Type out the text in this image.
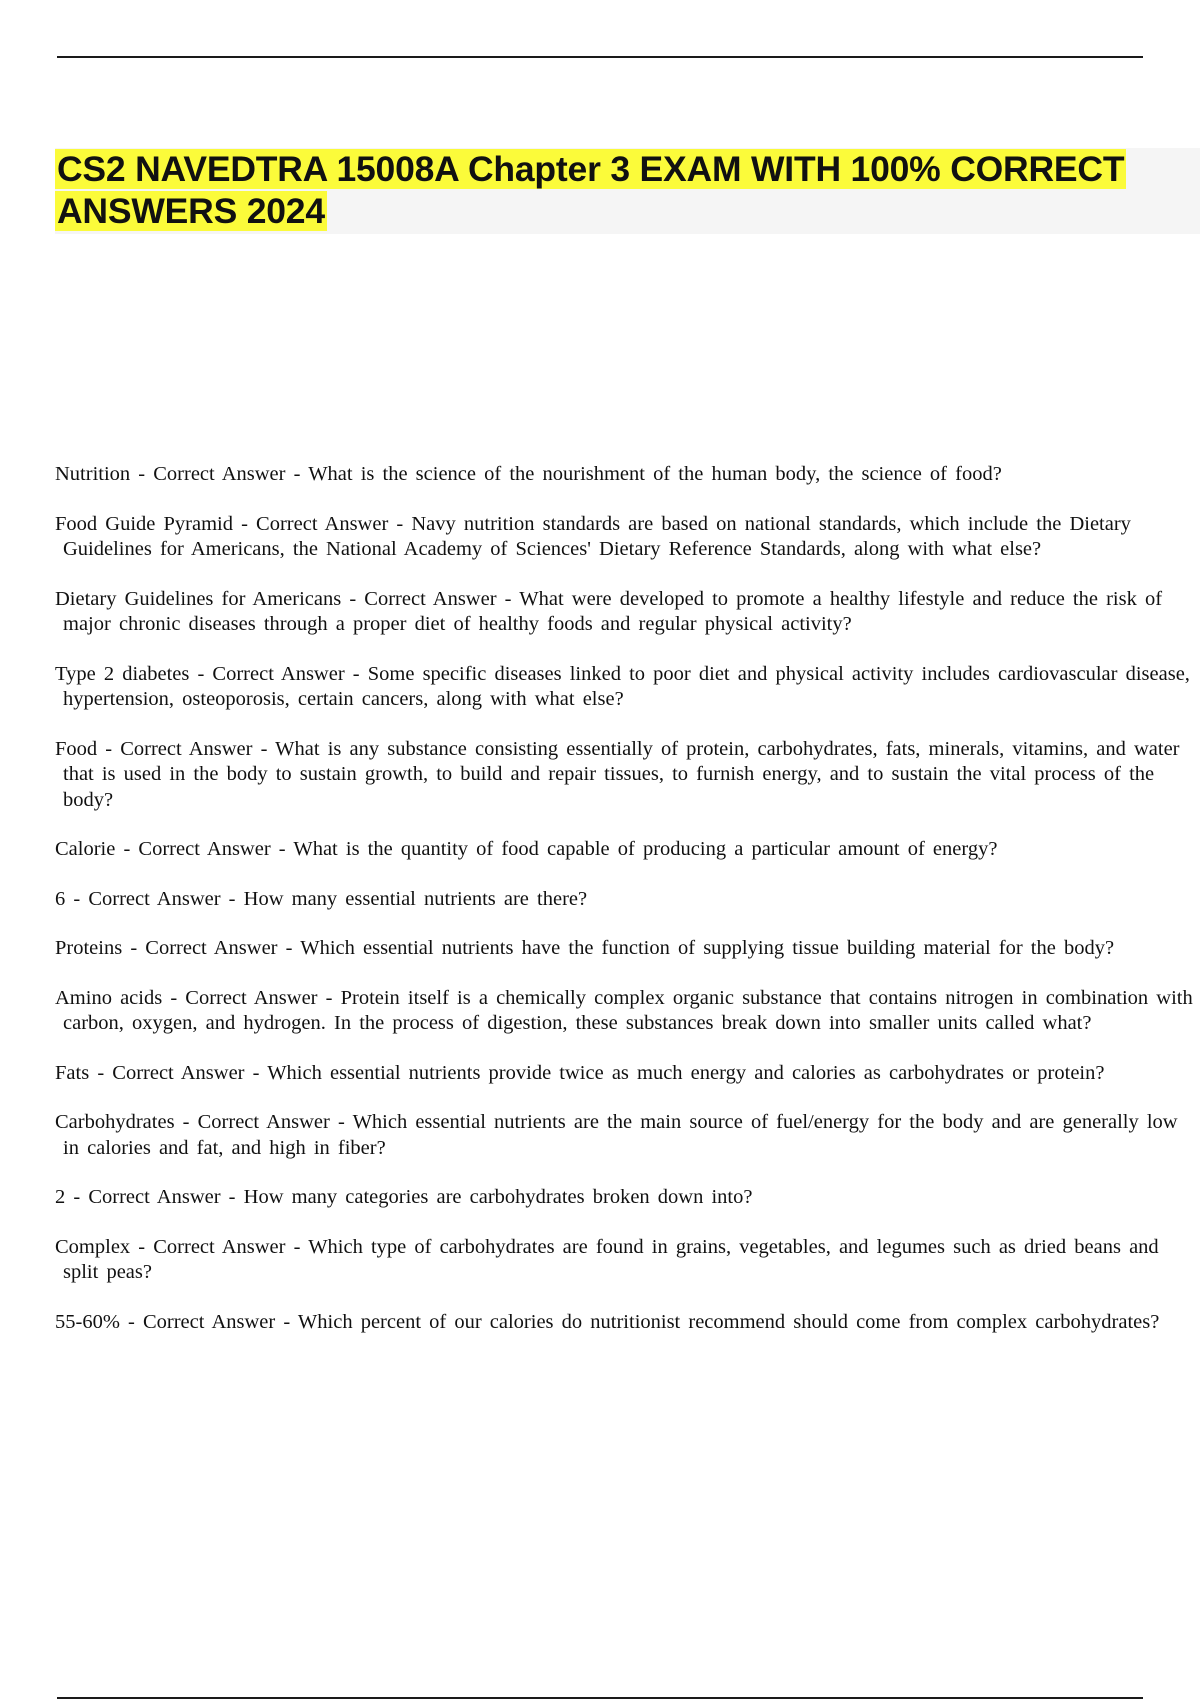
CS2 NAVEDTRA 15008A Chapter 3 EXAM WITH 100% CORRECT
ANSWERS 2024
Nutrition - Correct Answer - What is the science of the nourishment of the human body, the science of food?
Food Guide Pyramid - Correct Answer - Navy nutrition standards are based on national standards, which include the Dietary Guidelines for Americans, the National Academy of Sciences' Dietary Reference Standards, along with what else?
Dietary Guidelines for Americans - Correct Answer - What were developed to promote a healthy lifestyle and reduce the risk of major chronic diseases through a proper diet of healthy foods and regular physical activity?
Type 2 diabetes - Correct Answer - Some specific diseases linked to poor diet and physical activity includes cardiovascular disease, hypertension, osteoporosis, certain cancers, along with what else?
Food - Correct Answer - What is any substance consisting essentially of protein, carbohydrates, fats, minerals, vitamins, and water that is used in the body to sustain growth, to build and repair tissues, to furnish energy, and to sustain the vital process of the body?
Calorie - Correct Answer - What is the quantity of food capable of producing a particular amount of energy?
6 - Correct Answer - How many essential nutrients are there?
Proteins - Correct Answer - Which essential nutrients have the function of supplying tissue building material for the body?
Amino acids - Correct Answer - Protein itself is a chemically complex organic substance that contains nitrogen in combination with carbon, oxygen, and hydrogen. In the process of digestion, these substances break down into smaller units called what?
Fats - Correct Answer - Which essential nutrients provide twice as much energy and calories as carbohydrates or protein?
Carbohydrates - Correct Answer - Which essential nutrients are the main source of fuel/energy for the body and are generally low in calories and fat, and high in fiber?
2 - Correct Answer - How many categories are carbohydrates broken down into?
Complex - Correct Answer - Which type of carbohydrates are found in grains, vegetables, and legumes such as dried beans and split peas?
55-60% - Correct Answer - Which percent of our calories do nutritionist recommend should come from complex carbohydrates?
